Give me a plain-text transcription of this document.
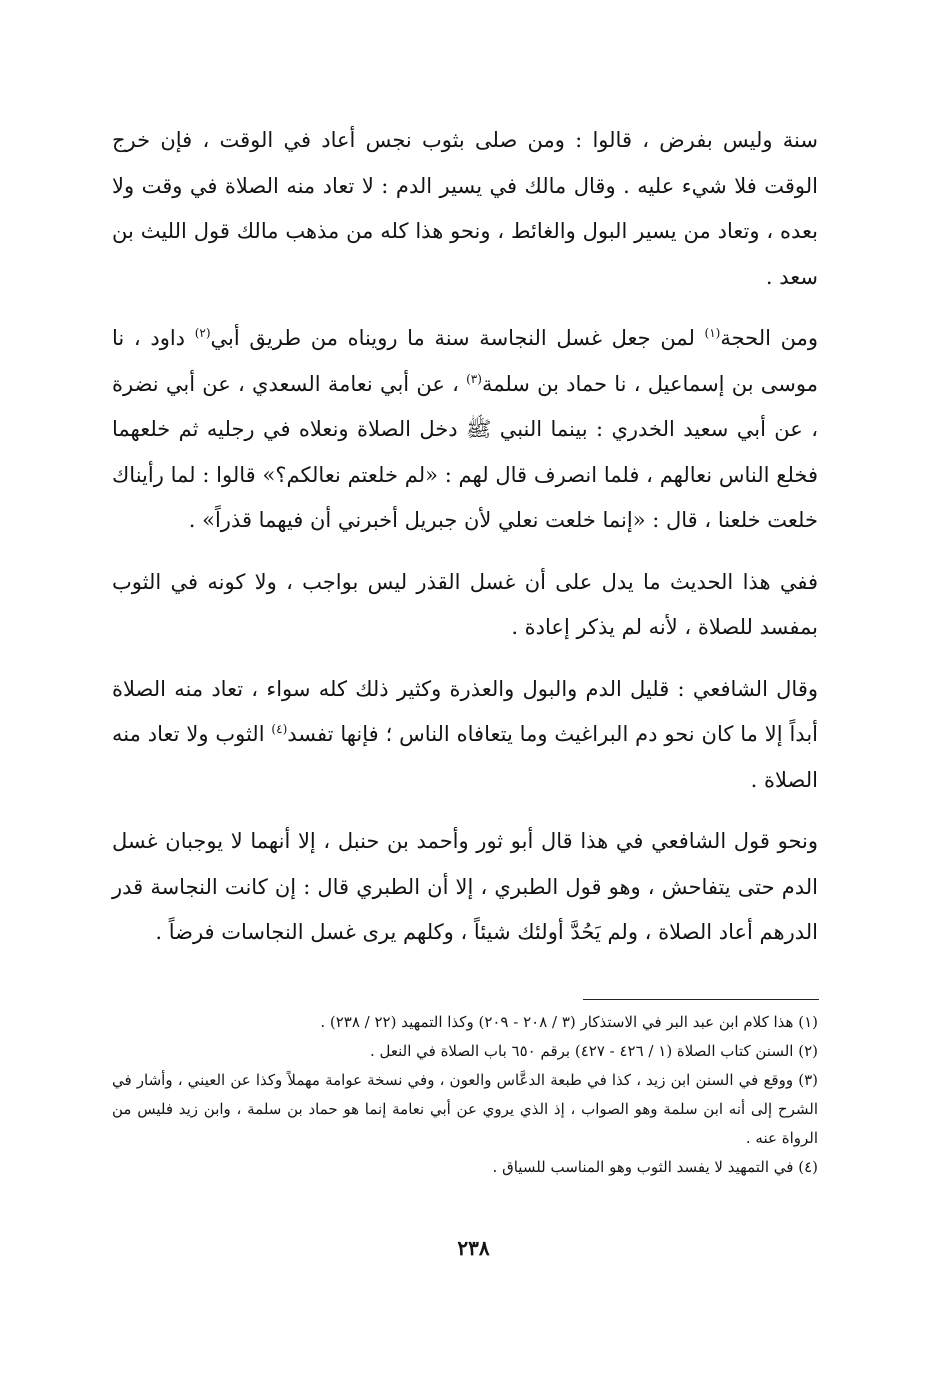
سنة وليس بفرض ، قالوا : ومن صلى بثوب نجس أعاد في الوقت ، فإن خرج الوقت فلا شيء عليه . وقال مالك في يسير الدم : لا تعاد منه الصلاة في وقت ولا بعده ، وتعاد من يسير البول والغائط ، ونحو هذا كله من مذهب مالك قول الليث بن سعد .

ومن الحجة$^{(١)}$ لمن جعل غسل النجاسة سنة ما رويناه من طريق أبي$^{(٢)}$ داود ، نا موسى بن إسماعيل ، نا حماد بن سلمة$^{(٣)}$ ، عن أبي نعامة السعدي ، عن أبي نضرة ، عن أبي سعيد الخدري : بينما النبي ﷺ دخل الصلاة ونعلاه في رجليه ثم خلعهما فخلع الناس نعالهم ، فلما انصرف قال لهم : «لم خلعتم نعالكم؟» قالوا : لما رأيناك خلعت خلعنا ، قال : «إنما خلعت نعلي لأن جبريل أخبرني أن فيهما قذراً» .

ففي هذا الحديث ما يدل على أن غسل القذر ليس بواجب ، ولا كونه في الثوب بمفسد للصلاة ، لأنه لم يذكر إعادة .

وقال الشافعي : قليل الدم والبول والعذرة وكثير ذلك كله سواء ، تعاد منه الصلاة أبداً إلا ما كان نحو دم البراغيث وما يتعافاه الناس ؛ فإنها تفسد$^{(٤)}$ الثوب ولا تعاد منه الصلاة .

ونحو قول الشافعي في هذا قال أبو ثور وأحمد بن حنبل ، إلا أنهما لا يوجبان غسل الدم حتى يتفاحش ، وهو قول الطبري ، إلا أن الطبري قال : إن كانت النجاسة قدر الدرهم أعاد الصلاة ، ولم يَحُدَّ أولئك شيئاً ، وكلهم يرى غسل النجاسات فرضاً .

(١) هذا كلام ابن عبد البر في الاستذكار (٣ / ٢٠٨ - ٢٠٩) وكذا التمهيد (٢٢ / ٢٣٨) .

(٢) السنن كتاب الصلاة (١ / ٤٢٦ - ٤٢٧) برقم ٦٥٠ باب الصلاة في النعل .

(٣) ووقع في السنن ابن زيد ، كذا في طبعة الدعَّاس والعون ، وفي نسخة عوامة مهملاً وكذا عن العيني ، وأشار في الشرح إلى أنه ابن سلمة وهو الصواب ، إذ الذي يروي عن أبي نعامة إنما هو حماد بن سلمة ، وابن زيد فليس من الرواة عنه .

(٤) في التمهيد لا يفسد الثوب وهو المناسب للسياق .

٢٣٨
